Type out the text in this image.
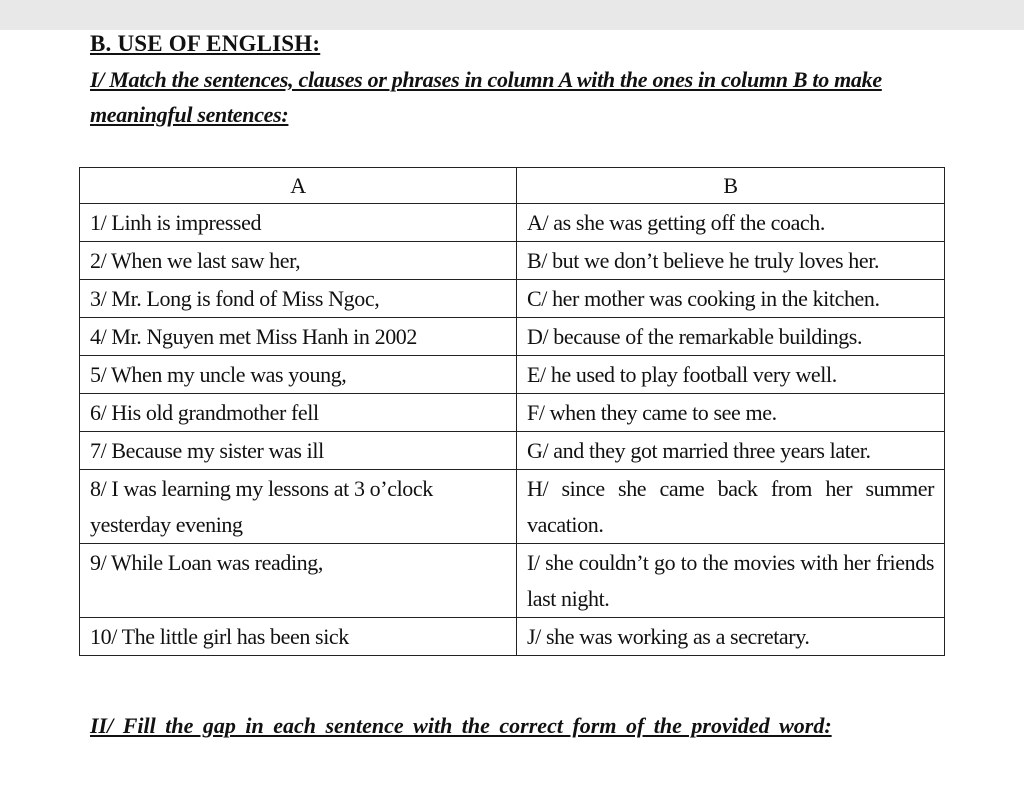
B. USE OF ENGLISH:

I/ Match the sentences, clauses or phrases in column A with the ones in column B to make meaningful sentences:

A	B
1/ Linh is impressed	A/ as she was getting off the coach.
2/ When we last saw her,	B/ but we don’t believe he truly loves her.
3/ Mr. Long is fond of Miss Ngoc,	C/ her mother was cooking in the kitchen.
4/ Mr. Nguyen met Miss Hanh in 2002	D/ because of the remarkable buildings.
5/ When my uncle was young,	E/ he used to play football very well.
6/ His old grandmother fell	F/ when they came to see me.
7/ Because my sister was ill	G/ and they got married three years later.
8/ I was learning my lessons at 3 o’clock yesterday evening	H/ since she came back from her summer vacation.
9/ While Loan was reading,	I/ she couldn’t go to the movies with her friends last night.
10/ The little girl has been sick	J/ she was working as a secretary.

II/ Fill the gap in each sentence with the correct form of the provided word:
